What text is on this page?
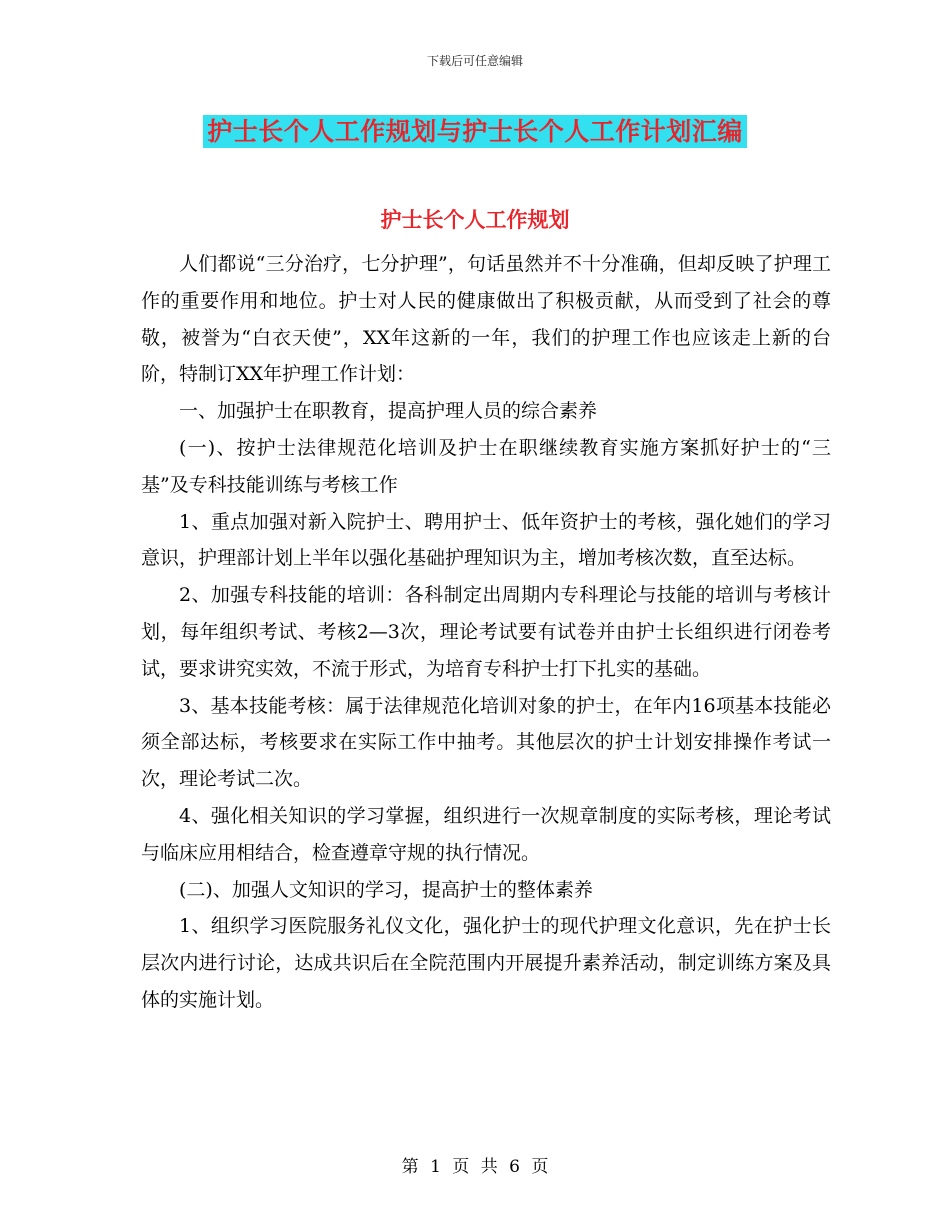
下载后可任意编辑
护士长个人工作规划与护士长个人工作计划汇编
护士长个人工作规划

人们都说“三分治疗，七分护理”，句话虽然并不十分准确，但却反映了护理工作的重要作用和地位。护士对人民的健康做出了积极贡献，从而受到了社会的尊敬，被誉为“白衣天使”，XX年这新的一年，我们的护理工作也应该走上新的台阶，特制订XX年护理工作计划：

一、加强护士在职教育，提高护理人员的综合素养

(一)、按护士法律规范化培训及护士在职继续教育实施方案抓好护士的“三基”及专科技能训练与考核工作

1、重点加强对新入院护士、聘用护士、低年资护士的考核，强化她们的学习意识，护理部计划上半年以强化基础护理知识为主，增加考核次数，直至达标。

2、加强专科技能的培训：各科制定出周期内专科理论与技能的培训与考核计划，每年组织考试、考核2—3次，理论考试要有试卷并由护士长组织进行闭卷考试，要求讲究实效，不流于形式，为培育专科护士打下扎实的基础。

3、基本技能考核：属于法律规范化培训对象的护士，在年内16项基本技能必须全部达标，考核要求在实际工作中抽考。其他层次的护士计划安排操作考试一次，理论考试二次。

4、强化相关知识的学习掌握，组织进行一次规章制度的实际考核，理论考试与临床应用相结合，检查遵章守规的执行情况。

(二)、加强人文知识的学习，提高护士的整体素养

1、组织学习医院服务礼仪文化，强化护士的现代护理文化意识，先在护士长层次内进行讨论，达成共识后在全院范围内开展提升素养活动，制定训练方案及具体的实施计划。

第 1 页 共 6 页
